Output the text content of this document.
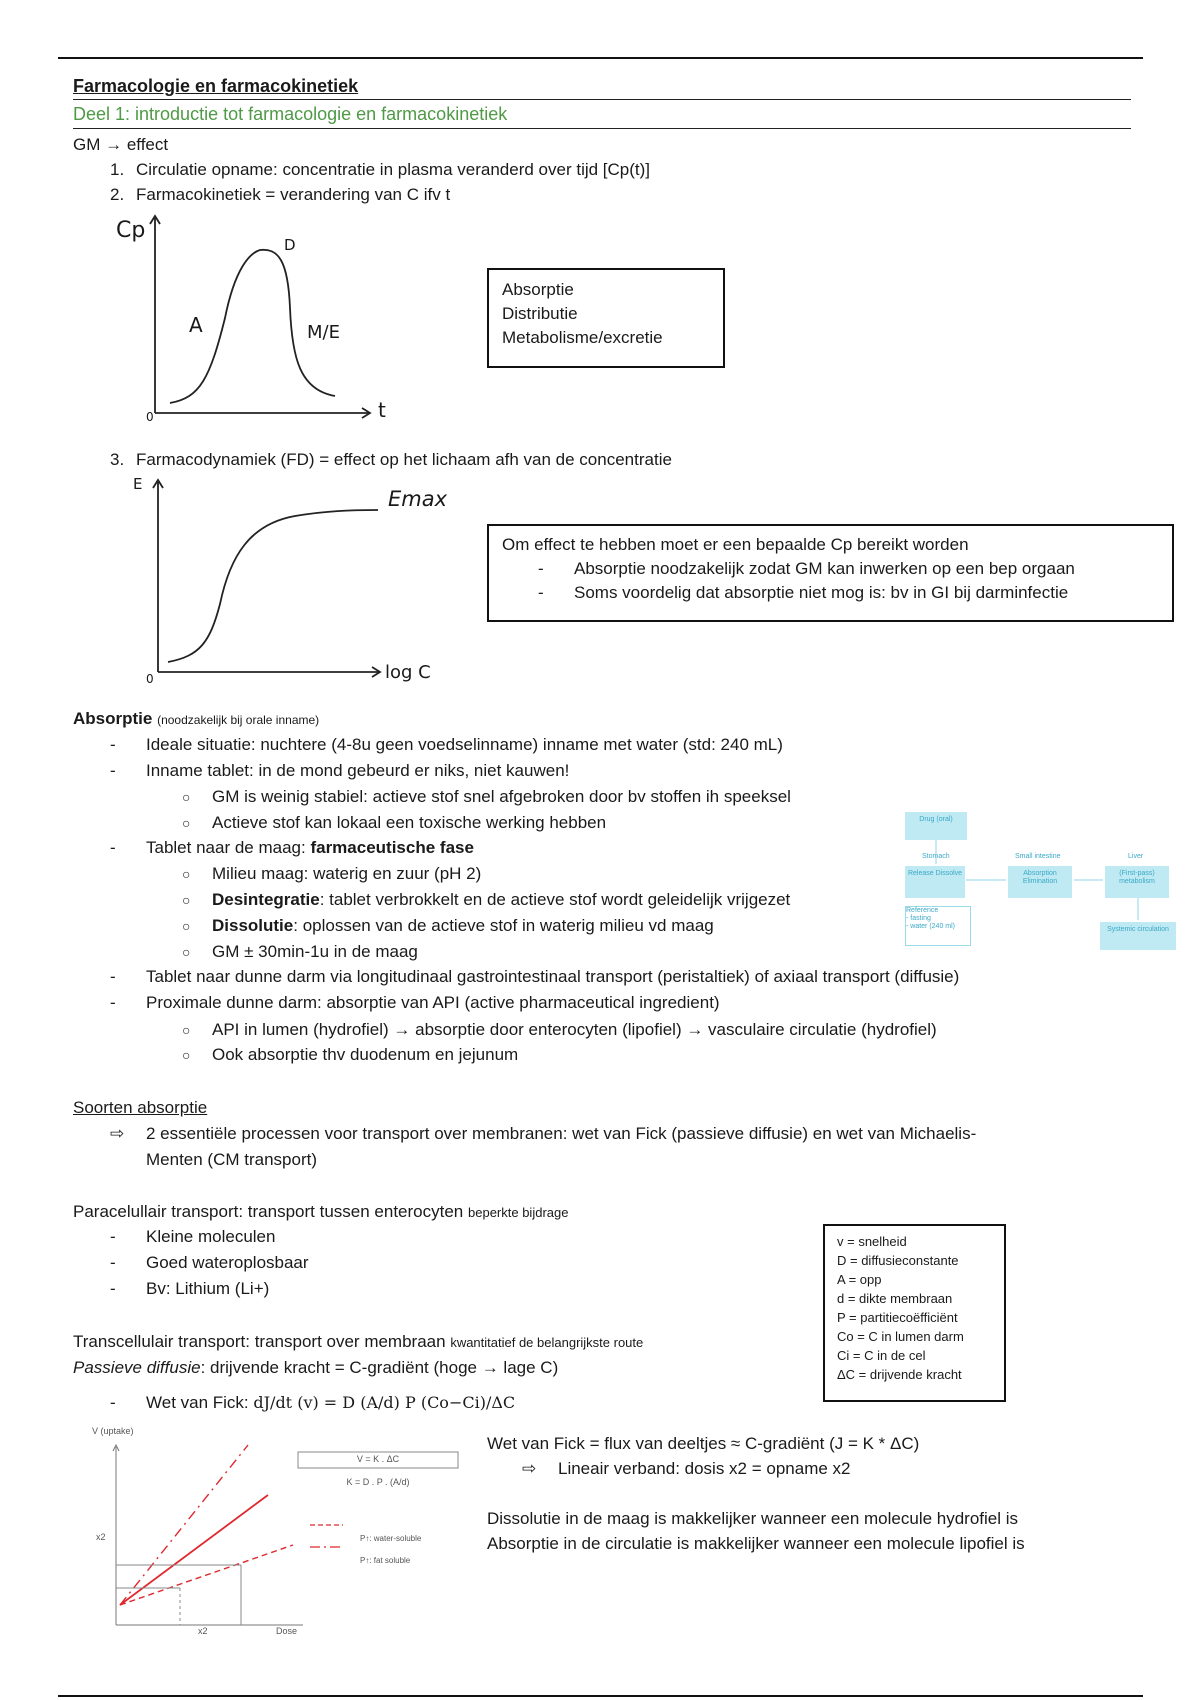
Farmacologie en farmacokinetiek
Deel 1: introductie tot farmacologie en farmacokinetiek
GM → effect
1. Circulatie opname: concentratie in plasma veranderd over tijd [Cp(t)]
2. Farmacokinetiek = verandering van C ifv t
Cp
t
0
A
D
M/E
Absorptie
Distributie
Metabolisme/excretie
3. Farmacodynamiek (FD) = effect op het lichaam afh van de concentratie
E
Emax
log C
0
Om effect te hebben moet er een bepaalde Cp bereikt worden
- Absorptie noodzakelijk zodat GM kan inwerken op een bep orgaan
- Soms voordelig dat absorptie niet mog is: bv in GI bij darminfectie
Absorptie (noodzakelijk bij orale inname)
- Ideale situatie: nuchtere (4-8u geen voedselinname) inname met water (std: 240 mL)
- Inname tablet: in de mond gebeurd er niks, niet kauwen!
○ GM is weinig stabiel: actieve stof snel afgebroken door bv stoffen ih speeksel
○ Actieve stof kan lokaal een toxische werking hebben
- Tablet naar de maag: farmaceutische fase
○ Milieu maag: waterig en zuur (pH 2)
○ Desintegratie: tablet verbrokkelt en de actieve stof wordt geleidelijk vrijgezet
○ Dissolutie: oplossen van de actieve stof in waterig milieu vd maag
○ GM ± 30min-1u in de maag
- Tablet naar dunne darm via longitudinaal gastrointestinaal transport (peristaltiek) of axiaal transport (diffusie)
- Proximale dunne darm: absorptie van API (active pharmaceutical ingredient)
○ API in lumen (hydrofiel) → absorptie door enterocyten (lipofiel) → vasculaire circulatie (hydrofiel)
○ Ook absorptie thv duodenum en jejunum
Drug (oral)
Stomach	Small intestine	Liver
Release Dissolve	Absorption Elimination
(First-pass) metabolism
Reference
- fasting
- water (240 ml)	Systemic circulation
Soorten absorptie
⇨ 2 essentiële processen voor transport over membranen: wet van Fick (passieve diffusie) en wet van Michaelis-
Menten (CM transport)
Paracelullair transport: transport tussen enterocyten beperkte bijdrage
- Kleine moleculen
- Goed wateroplosbaar
- Bv: Lithium (Li+)
v = snelheid
D = diffusieconstante
A = opp
d = dikte membraan
P = partitiecoëfficiënt
Co = C in lumen darm
Ci = C in de cel
ΔC = drijvende kracht
Transcellulair transport: transport over membraan kwantitatief de belangrijkste route
Passieve diffusie: drijvende kracht = C-gradiënt (hoge → lage C)
- Wet van Fick: dJ/dt (v) = D (A/d) P (Co−Ci)/ΔC
V (uptake)
Dose
x2
x2
V = K . ΔC
K = D . P . (A/d)
P↑: water-soluble
P↑: fat soluble
Wet van Fick = flux van deeltjes ≈ C-gradiënt (J = K * ΔC)
⇨ Lineair verband: dosis x2 = opname x2
Dissolutie in de maag is makkelijker wanneer een molecule hydrofiel is
Absorptie in de circulatie is makkelijker wanneer een molecule lipofiel is
